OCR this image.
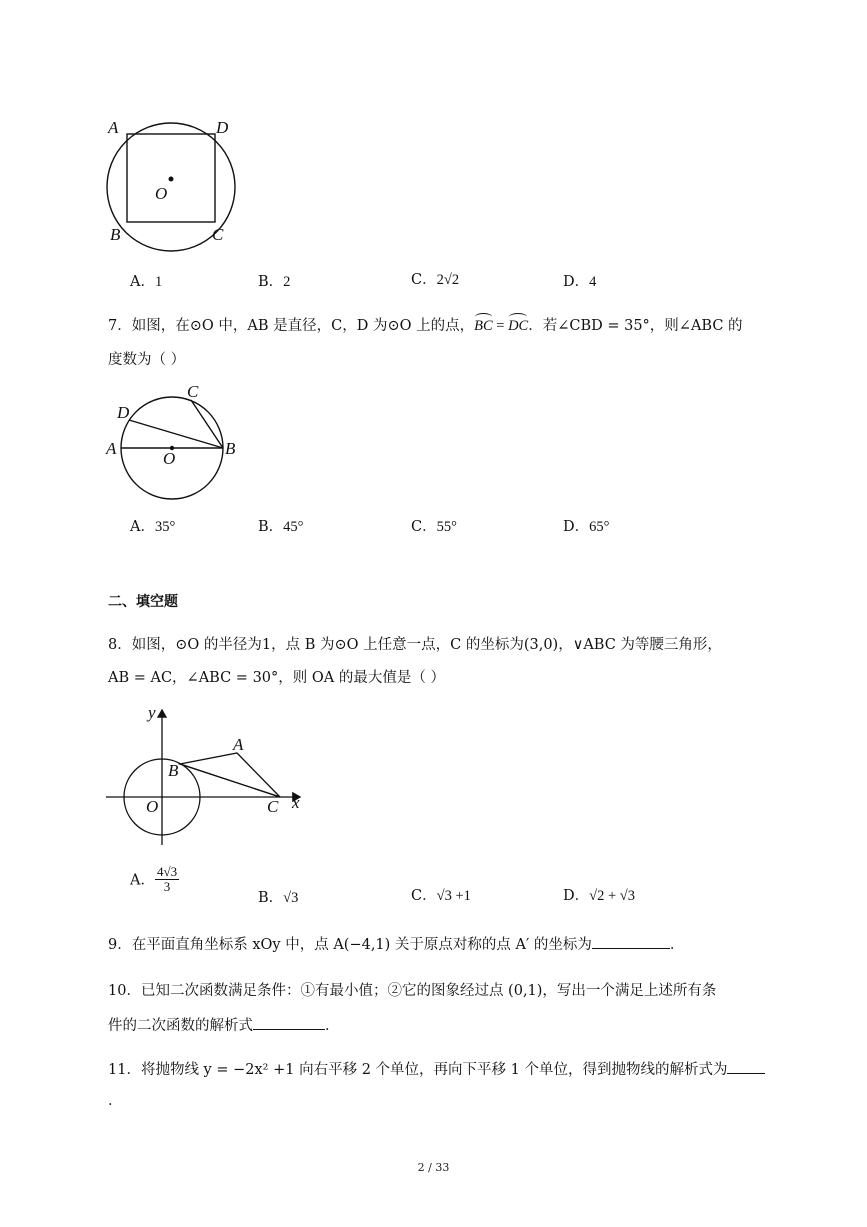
A	D
O
B	C
A．1	B．2	C．2√2	D．4
7．如图，在⊙O 中，AB 是直径，C，D 为⊙O 上的点，BC = DC．若∠CBD = 35°，则∠ABC 的
度数为（ ）
C
D
A
O
B
A．35°	B．45°	C．55°	D．65°
二、填空题
8．如图，⊙O 的半径为1，点 B 为⊙O 上任意一点，C 的坐标为(3,0)，∨ABC 为等腰三角形，
AB = AC，∠ABC = 30°，则 OA 的最大值是（ ）
y
A
B
O	C x
A． $\frac{4√3}{3}$
B．√3	C．√3 +1	D．√2 + √3
9．在平面直角坐标系 xOy 中，点 A(−4,1) 关于原点对称的点 A′ 的坐标为	．
10．已知二次函数满足条件：①有最小值；②它的图象经过点 (0,1)，写出一个满足上述所有条
件的二次函数的解析式	．
11．将抛物线 y = −2x² +1 向右平移 2 个单位，再向下平移 1 个单位，得到抛物线的解析式为
．
2 / 33
